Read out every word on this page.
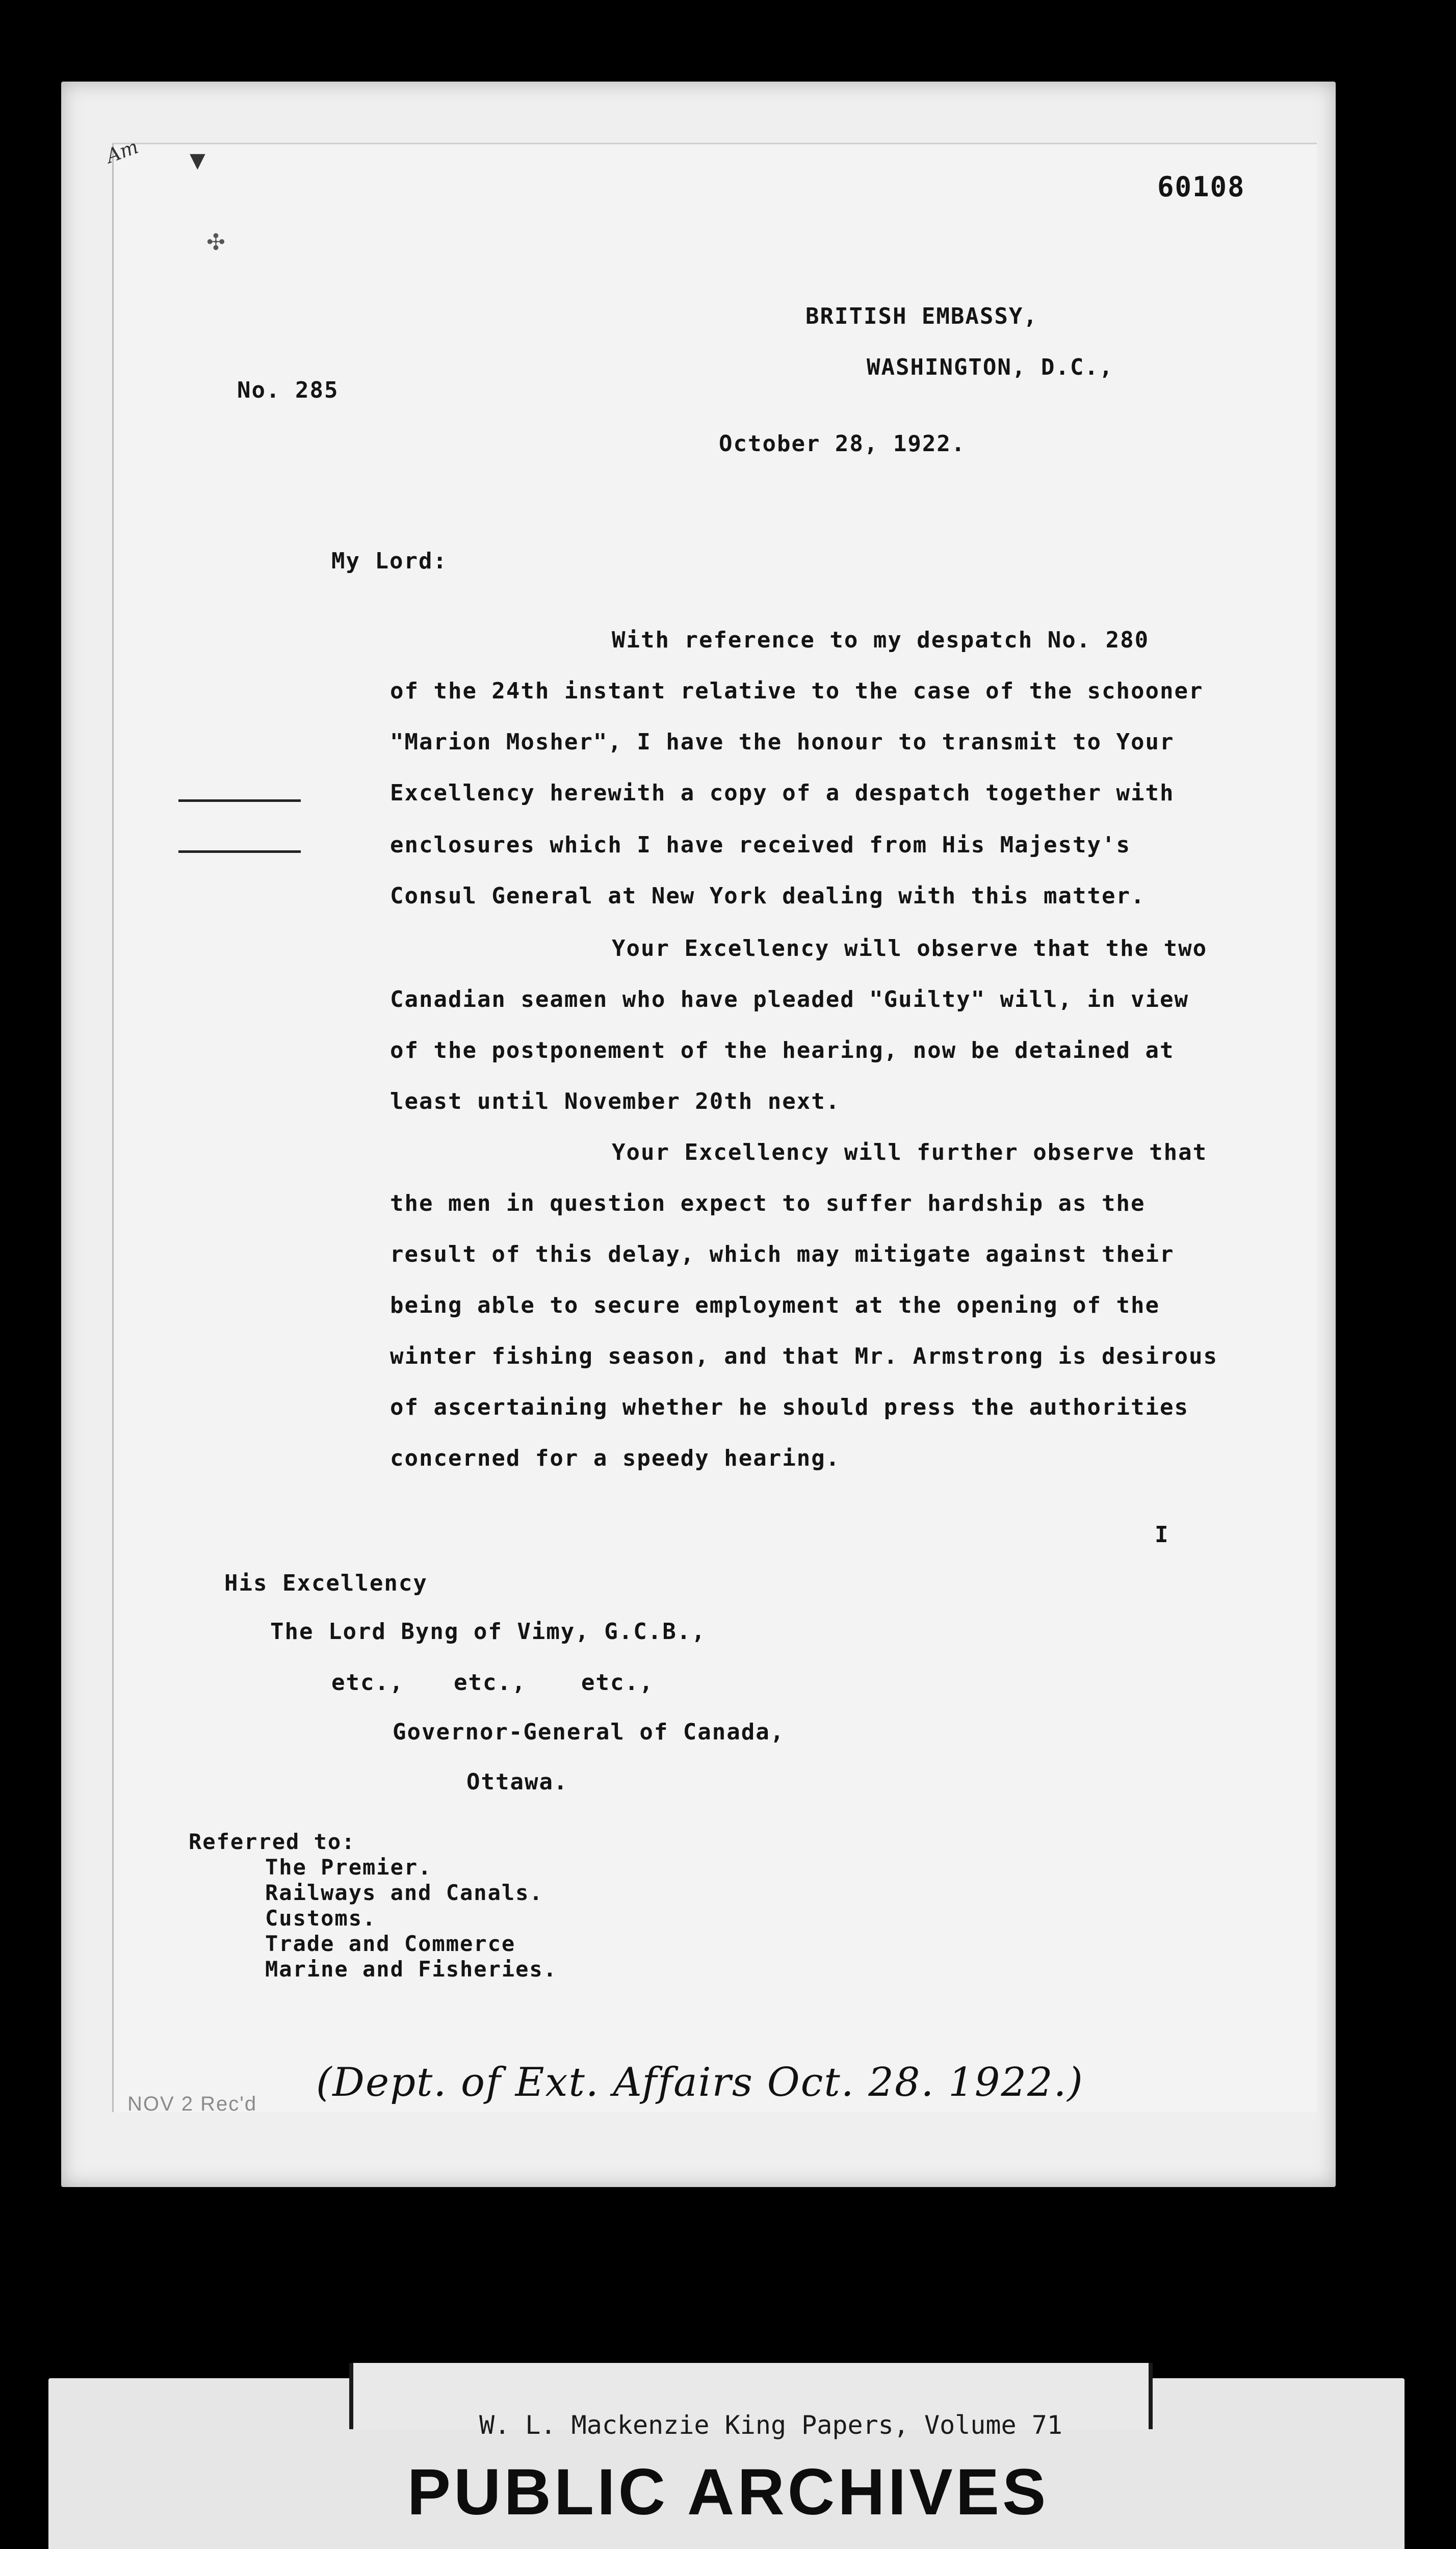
Am ▼
✣
60108
BRITISH EMBASSY,
WASHINGTON, D.C.,
No. 285
October 28, 1922.
My Lord:
With reference to my despatch No. 280
of the 24th instant relative to the case of the schooner
"Marion Mosher", I have the honour to transmit to Your
Excellency herewith a copy of a despatch together with
enclosures which I have received from His Majesty's
Consul General at New York dealing with this matter.
Your Excellency will observe that the two
Canadian seamen who have pleaded "Guilty" will, in view
of the postponement of the hearing, now be detained at
least until November 20th next.
Your Excellency will further observe that
the men in question expect to suffer hardship as the
result of this delay, which may mitigate against their
being able to secure employment at the opening of the
winter fishing season, and that Mr. Armstrong is desirous
of ascertaining whether he should press the authorities
concerned for a speedy hearing.
I
His Excellency
The Lord Byng of Vimy, G.C.B.,
etc., etc., etc.,
Governor-General of Canada,
Ottawa.
Referred to:
The Premier.
Railways and Canals.
Customs.
Trade and Commerce
Marine and Fisheries.
(Dept. of Ext. Affairs Oct. 28. 1922.)
NOV 2 Rec'd
W. L. Mackenzie King Papers, Volume 71
PUBLIC ARCHIVES
